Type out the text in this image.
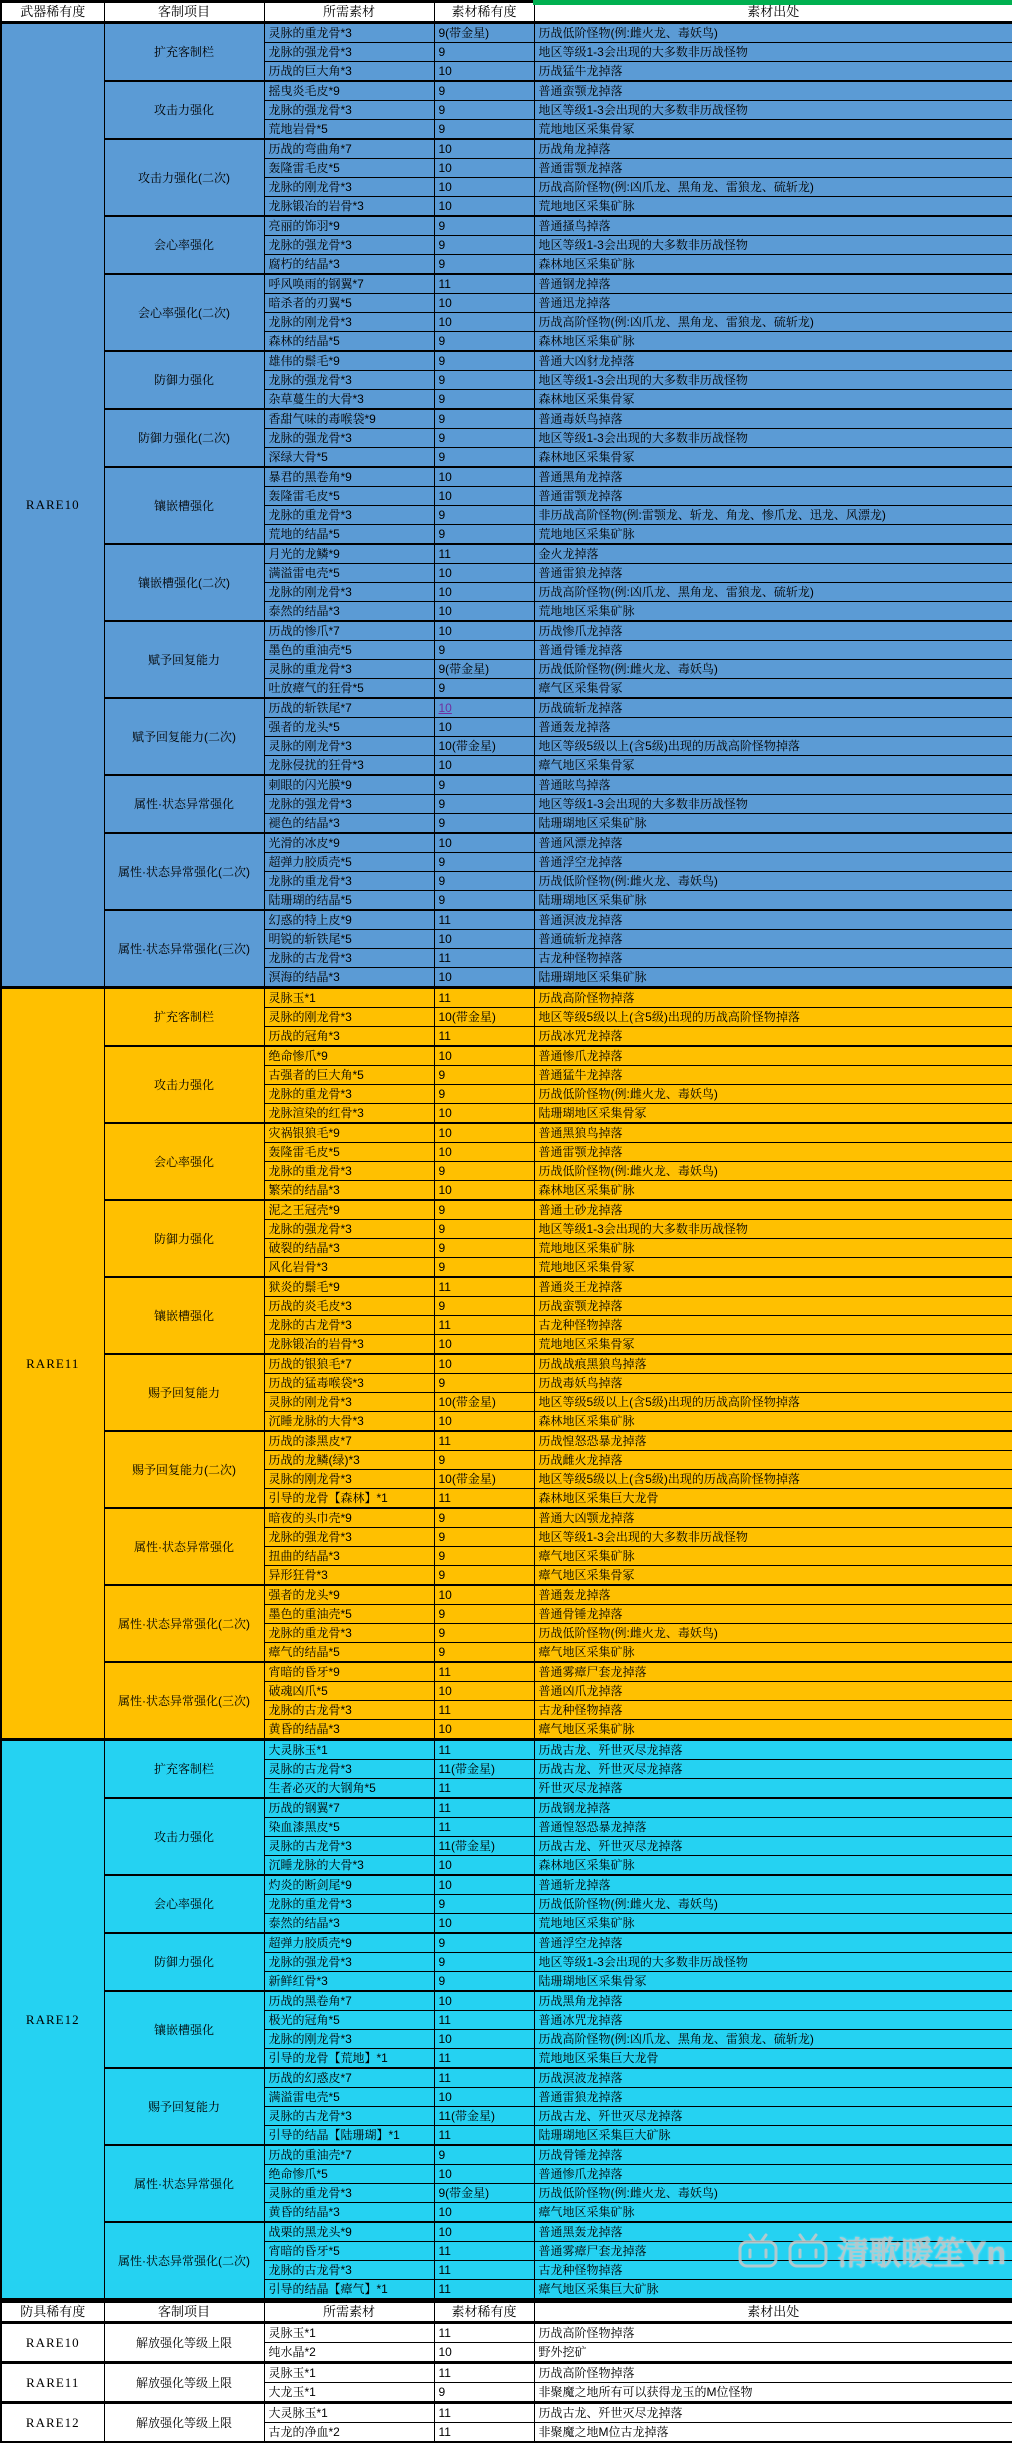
武器稀有度	客制项目	所需素材	素材稀有度	素材出处
RARE10	扩充客制栏	灵脉的重龙骨*3	9(带金星)	历战低阶怪物(例:雌火龙、毒妖鸟)
		龙脉的强龙骨*3	9	地区等级1-3会出现的大多数非历战怪物
		历战的巨大角*3	10	历战猛牛龙掉落
	攻击力强化	摇曳炎毛皮*9	9	普通蛮颚龙掉落
		龙脉的强龙骨*3	9	地区等级1-3会出现的大多数非历战怪物
		荒地岩骨*5	9	荒地地区采集骨冢
	攻击力强化(二次)	历战的弯曲角*7	10	历战角龙掉落
		轰隆雷毛皮*5	10	普通雷颚龙掉落
		龙脉的刚龙骨*3	10	历战高阶怪物(例:凶爪龙、黑角龙、雷狼龙、硫斩龙)
		龙脉锻冶的岩骨*3	10	荒地地区采集矿脉
	会心率强化	亮丽的饰羽*9	9	普通搔鸟掉落
		龙脉的强龙骨*3	9	地区等级1-3会出现的大多数非历战怪物
		腐朽的结晶*3	9	森林地区采集矿脉
	会心率强化(二次)	呼风唤雨的钢翼*7	11	普通钢龙掉落
		暗杀者的刃翼*5	10	普通迅龙掉落
		龙脉的刚龙骨*3	10	历战高阶怪物(例:凶爪龙、黑角龙、雷狼龙、硫斩龙)
		森林的结晶*5	9	森林地区采集矿脉
	防御力强化	雄伟的鬃毛*9	9	普通大凶豺龙掉落
		龙脉的强龙骨*3	9	地区等级1-3会出现的大多数非历战怪物
		杂草蔓生的大骨*3	9	森林地区采集骨冢
	防御力强化(二次)	香甜气味的毒喉袋*9	9	普通毒妖鸟掉落
		龙脉的强龙骨*3	9	地区等级1-3会出现的大多数非历战怪物
		深绿大骨*5	9	森林地区采集骨冢
	镶嵌槽强化	暴君的黑卷角*9	10	普通黑角龙掉落
		轰隆雷毛皮*5	10	普通雷颚龙掉落
		龙脉的重龙骨*3	9	非历战高阶怪物(例:雷颚龙、斩龙、角龙、惨爪龙、迅龙、风漂龙)
		荒地的结晶*5	9	荒地地区采集矿脉
	镶嵌槽强化(二次)	月光的龙鳞*9	11	金火龙掉落
		满溢雷电壳*5	10	普通雷狼龙掉落
		龙脉的刚龙骨*3	10	历战高阶怪物(例:凶爪龙、黑角龙、雷狼龙、硫斩龙)
		泰然的结晶*3	10	荒地地区采集矿脉
	赋予回复能力	历战的惨爪*7	10	历战惨爪龙掉落
		墨色的重油壳*5	9	普通骨锤龙掉落
		灵脉的重龙骨*3	9(带金星)	历战低阶怪物(例:雌火龙、毒妖鸟)
		吐放瘴气的狂骨*5	9	瘴气区采集骨冢
	赋予回复能力(二次)	历战的斩铁尾*7	10	历战硫斩龙掉落
		强者的龙头*5	10	普通轰龙掉落
		灵脉的刚龙骨*3	10(带金星)	地区等级5级以上(含5级)出现的历战高阶怪物掉落
		龙脉侵扰的狂骨*3	10	瘴气地区采集骨冢
	属性·状态异常强化	刺眼的闪光膜*9	9	普通眩鸟掉落
		龙脉的强龙骨*3	9	地区等级1-3会出现的大多数非历战怪物
		褪色的结晶*3	9	陆珊瑚地区采集矿脉
	属性·状态异常强化(二次)	光滑的冰皮*9	10	普通风漂龙掉落
		超弹力胶质壳*5	9	普通浮空龙掉落
		龙脉的重龙骨*3	9	历战低阶怪物(例:雌火龙、毒妖鸟)
		陆珊瑚的结晶*5	9	陆珊瑚地区采集矿脉
	属性·状态异常强化(三次)	幻惑的特上皮*9	11	普通溟波龙掉落
		明锐的斩铁尾*5	10	普通硫斩龙掉落
		龙脉的古龙骨*3	11	古龙种怪物掉落
		溟海的结晶*3	10	陆珊瑚地区采集矿脉
RARE11	扩充客制栏	灵脉玉*1	11	历战高阶怪物掉落
		灵脉的刚龙骨*3	10(带金星)	地区等级5级以上(含5级)出现的历战高阶怪物掉落
		历战的冠角*3	11	历战冰咒龙掉落
	攻击力强化	绝命惨爪*9	10	普通惨爪龙掉落
		古强者的巨大角*5	9	普通猛牛龙掉落
		龙脉的重龙骨*3	9	历战低阶怪物(例:雌火龙、毒妖鸟)
		龙脉渲染的红骨*3	10	陆珊瑚地区采集骨冢
	会心率强化	灾祸银狼毛*9	10	普通黑狼鸟掉落
		轰隆雷毛皮*5	10	普通雷颚龙掉落
		龙脉的重龙骨*3	9	历战低阶怪物(例:雌火龙、毒妖鸟)
		繁荣的结晶*3	10	森林地区采集矿脉
	防御力强化	泥之王冠壳*9	9	普通土砂龙掉落
		龙脉的强龙骨*3	9	地区等级1-3会出现的大多数非历战怪物
		破裂的结晶*3	9	荒地地区采集矿脉
		风化岩骨*3	9	荒地地区采集骨冢
	镶嵌槽强化	狱炎的鬃毛*9	11	普通炎王龙掉落
		历战的炎毛皮*3	9	历战蛮颚龙掉落
		龙脉的古龙骨*3	11	古龙种怪物掉落
		龙脉锻冶的岩骨*3	10	荒地地区采集骨冢
	赐予回复能力	历战的银狼毛*7	10	历战战痕黑狼鸟掉落
		历战的猛毒喉袋*3	9	历战毒妖鸟掉落
		灵脉的刚龙骨*3	10(带金星)	地区等级5级以上(含5级)出现的历战高阶怪物掉落
		沉睡龙脉的大骨*3	10	森林地区采集矿脉
	赐予回复能力(二次)	历战的漆黑皮*7	11	历战惶怒恐暴龙掉落
		历战的龙鳞(绿)*3	9	历战雌火龙掉落
		灵脉的刚龙骨*3	10(带金星)	地区等级5级以上(含5级)出现的历战高阶怪物掉落
		引导的龙骨【森林】*1	11	森林地区采集巨大龙骨
	属性·状态异常强化	暗夜的头巾壳*9	9	普通大凶颚龙掉落
		龙脉的强龙骨*3	9	地区等级1-3会出现的大多数非历战怪物
		扭曲的结晶*3	9	瘴气地区采集矿脉
		异形狂骨*3	9	瘴气地区采集骨冢
	属性·状态异常强化(二次)	强者的龙头*9	10	普通轰龙掉落
		墨色的重油壳*5	9	普通骨锤龙掉落
		龙脉的重龙骨*3	9	历战低阶怪物(例:雌火龙、毒妖鸟)
		瘴气的结晶*5	9	瘴气地区采集矿脉
	属性·状态异常强化(三次)	宵暗的昏牙*9	11	普通雾瘴尸套龙掉落
		破魂凶爪*5	10	普通凶爪龙掉落
		龙脉的古龙骨*3	11	古龙种怪物掉落
		黄昏的结晶*3	10	瘴气地区采集矿脉
RARE12	扩充客制栏	大灵脉玉*1	11	历战古龙、歼世灭尽龙掉落
		灵脉的古龙骨*3	11(带金星)	历战古龙、歼世灭尽龙掉落
		生者必灭的大钢角*5	11	歼世灭尽龙掉落
	攻击力强化	历战的钢翼*7	11	历战钢龙掉落
		染血漆黑皮*5	11	普通惶怒恐暴龙掉落
		灵脉的古龙骨*3	11(带金星)	历战古龙、歼世灭尽龙掉落
		沉睡龙脉的大骨*3	10	森林地区采集矿脉
	会心率强化	灼炎的断剑尾*9	10	普通斩龙掉落
		龙脉的重龙骨*3	9	历战低阶怪物(例:雌火龙、毒妖鸟)
		泰然的结晶*3	10	荒地地区采集矿脉
	防御力强化	超弹力胶质壳*9	9	普通浮空龙掉落
		龙脉的强龙骨*3	9	地区等级1-3会出现的大多数非历战怪物
		新鲜红骨*3	9	陆珊瑚地区采集骨冢
	镶嵌槽强化	历战的黑卷角*7	10	历战黑角龙掉落
		极光的冠角*5	11	普通冰咒龙掉落
		龙脉的刚龙骨*3	10	历战高阶怪物(例:凶爪龙、黑角龙、雷狼龙、硫斩龙)
		引导的龙骨【荒地】*1	11	荒地地区采集巨大龙骨
	赐予回复能力	历战的幻惑皮*7	11	历战溟波龙掉落
		满溢雷电壳*5	10	普通雷狼龙掉落
		灵脉的古龙骨*3	11(带金星)	历战古龙、歼世灭尽龙掉落
		引导的结晶【陆珊瑚】*1	11	陆珊瑚地区采集巨大矿脉
	属性·状态异常强化	历战的重油壳*7	9	历战骨锤龙掉落
		绝命惨爪*5	10	普通惨爪龙掉落
		灵脉的重龙骨*3	9(带金星)	历战低阶怪物(例:雌火龙、毒妖鸟)
		黄昏的结晶*3	10	瘴气地区采集矿脉
	属性·状态异常强化(二次)	战栗的黑龙头*9	10	普通黑轰龙掉落
		宵暗的昏牙*5	11	普通雾瘴尸套龙掉落
		龙脉的古龙骨*3	11	古龙种怪物掉落
		引导的结晶【瘴气】*1	11	瘴气地区采集巨大矿脉
防具稀有度	客制项目	所需素材	素材稀有度	素材出处
RARE10	解放强化等级上限	灵脉玉*1	11	历战高阶怪物掉落
		纯水晶*2	10	野外挖矿
RARE11	解放强化等级上限	灵脉玉*1	11	历战高阶怪物掉落
		大龙玉*1	9	非聚魔之地所有可以获得龙玉的M位怪物
RARE12	解放强化等级上限	大灵脉玉*1	11	历战古龙、歼世灭尽龙掉落
		古龙的净血*2	11	非聚魔之地M位古龙掉落
清歌暖笙Yn
